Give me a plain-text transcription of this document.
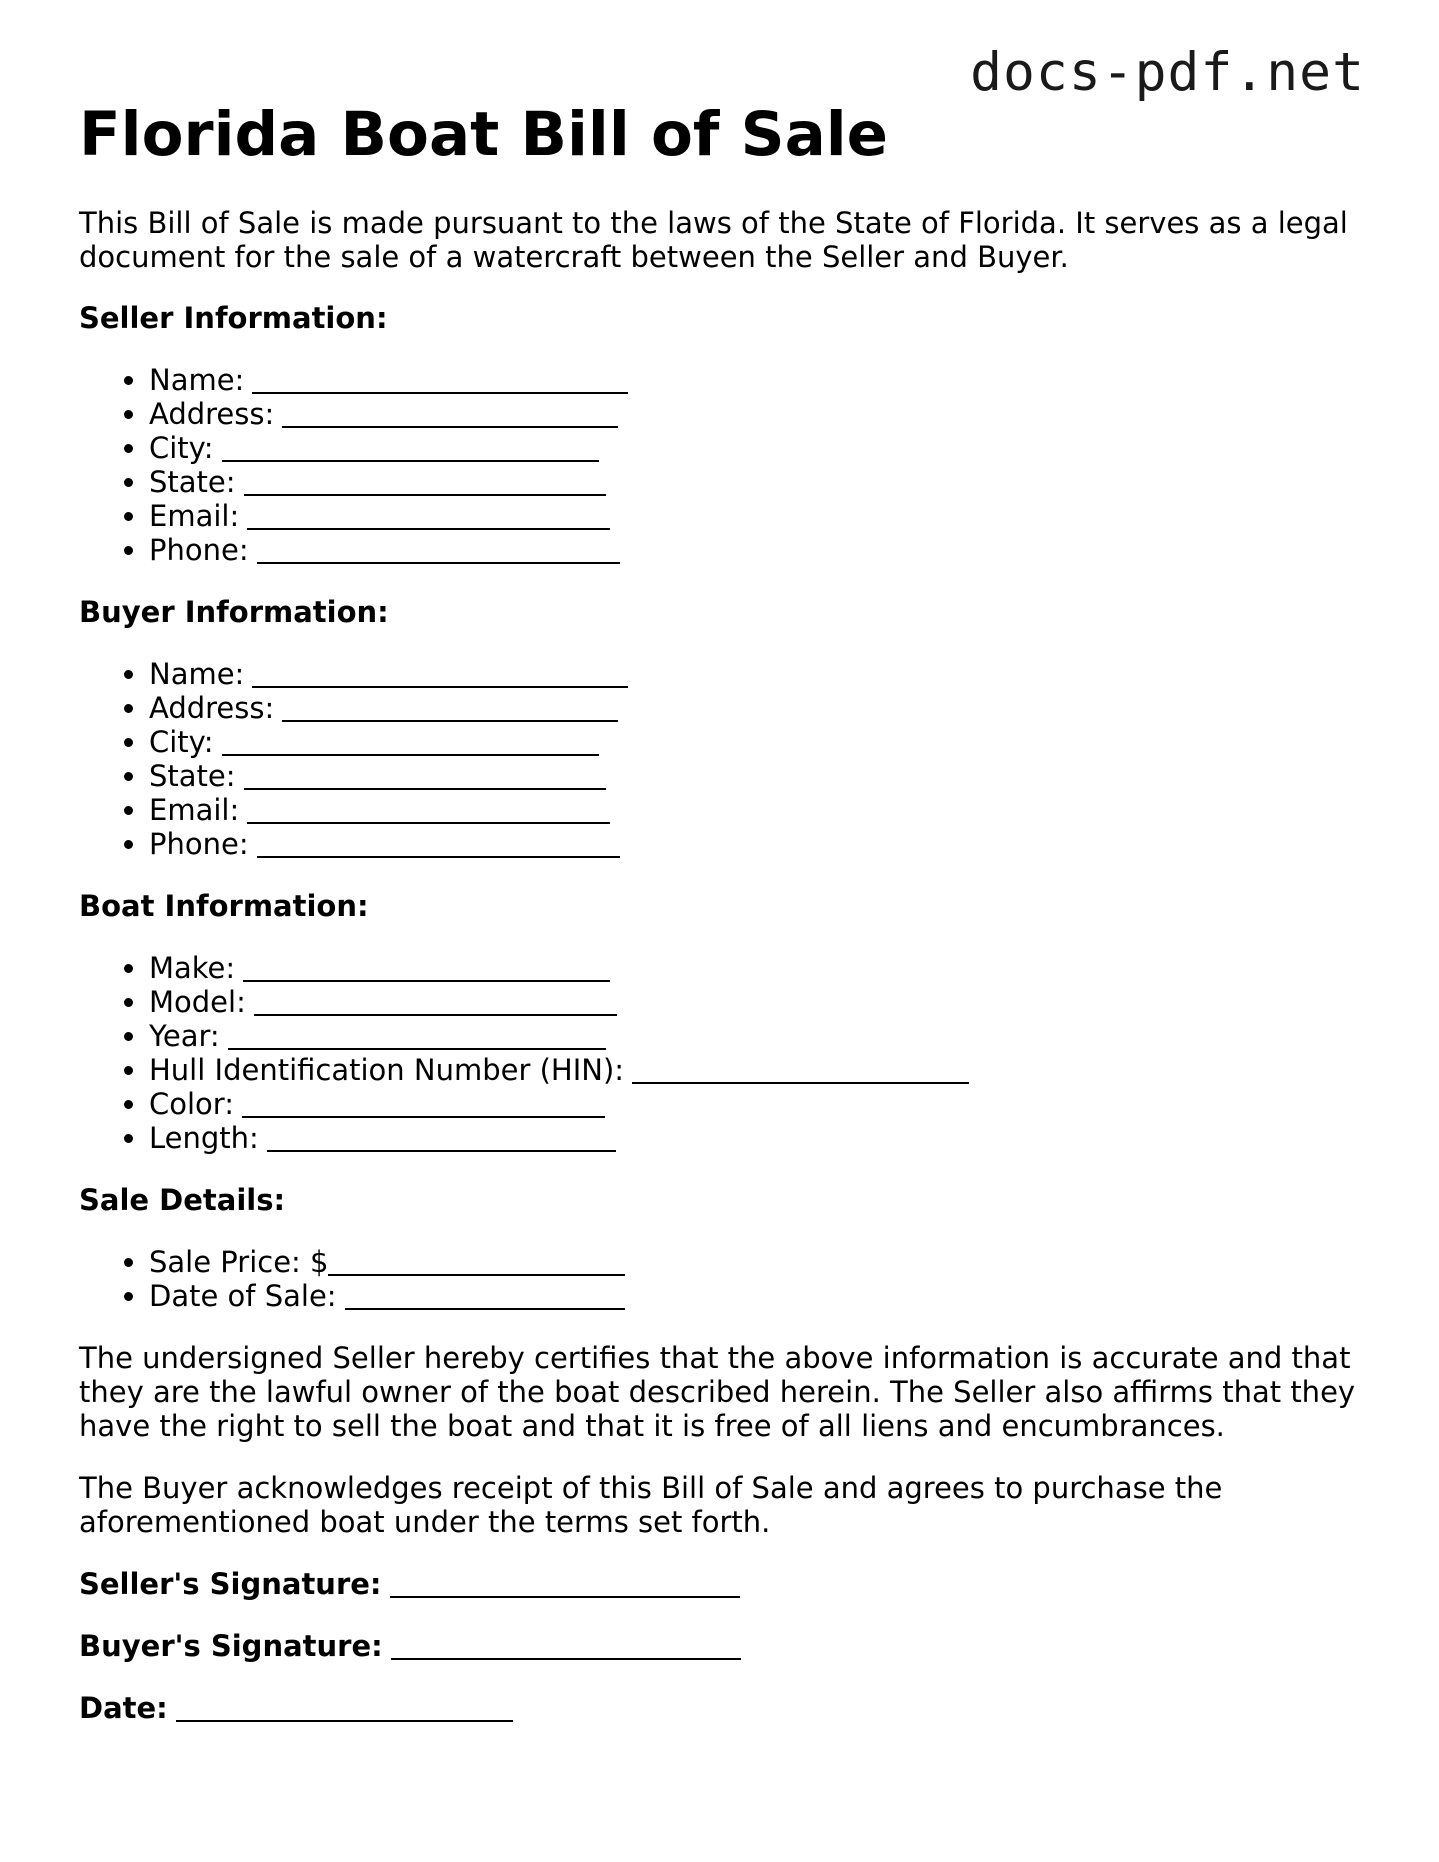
docs-pdf.net
Florida Boat Bill of Sale

This Bill of Sale is made pursuant to the laws of the State of Florida. It serves as a legal document for the sale of a watercraft between the Seller and Buyer.

Seller Information:

• Name:
• Address:
• City:
• State:
• Email:
• Phone:

Buyer Information:

• Name:
• Address:
• City:
• State:
• Email:
• Phone:

Boat Information:

• Make:
• Model:
• Year:
• Hull Identification Number (HIN):
• Color:
• Length:

Sale Details:

• Sale Price: $
• Date of Sale:

The undersigned Seller hereby certifies that the above information is accurate and that they are the lawful owner of the boat described herein. The Seller also affirms that they have the right to sell the boat and that it is free of all liens and encumbrances.

The Buyer acknowledges receipt of this Bill of Sale and agrees to purchase the aforementioned boat under the terms set forth.

Seller's Signature:

Buyer's Signature:

Date:
